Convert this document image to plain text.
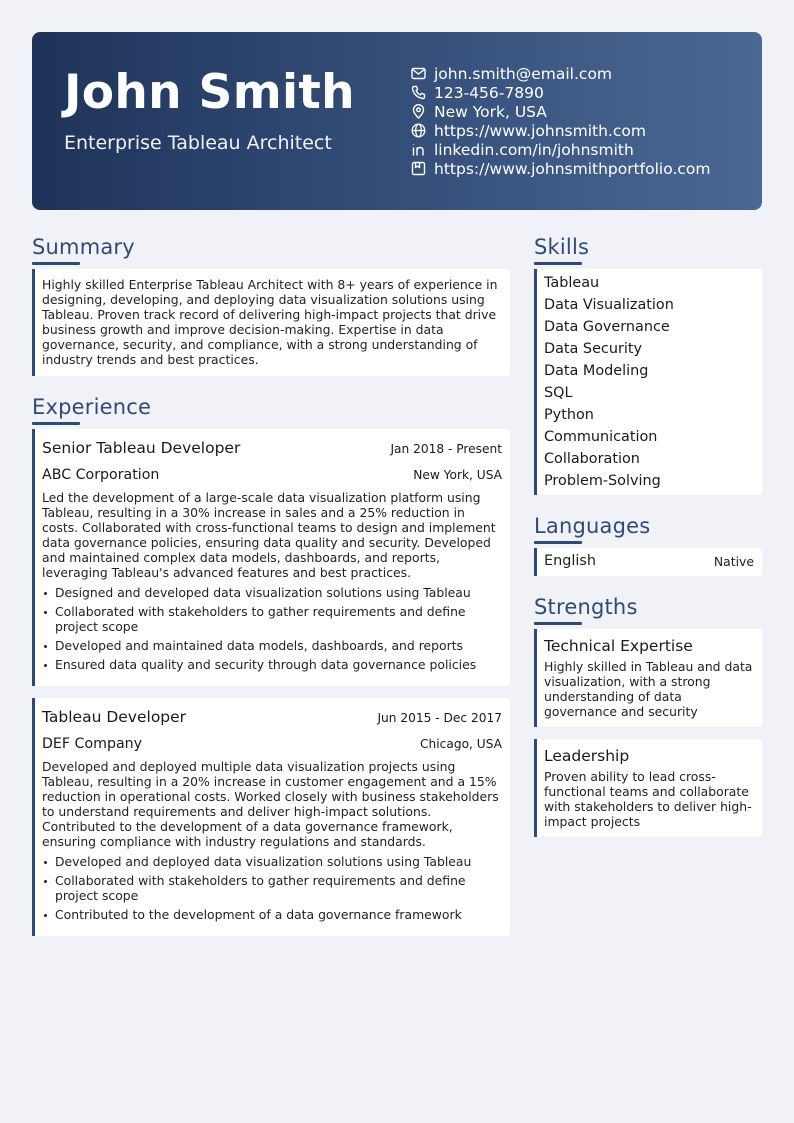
John Smith
Enterprise Tableau Architect
john.smith@email.com
123-456-7890
New York, USA
https://www.johnsmith.com
linkedin.com/in/johnsmith
https://www.johnsmithportfolio.com
Summary

Highly skilled Enterprise Tableau Architect with 8+ years of experience in designing, developing, and deploying data visualization solutions using Tableau. Proven track record of delivering high-impact projects that drive business growth and improve decision-making. Expertise in data governance, security, and compliance, with a strong understanding of industry trends and best practices.

Experience
Senior Tableau Developer	Jan 2018 - Present
ABC Corporation	New York, USA

Led the development of a large-scale data visualization platform using Tableau, resulting in a 30% increase in sales and a 25% reduction in costs. Collaborated with cross-functional teams to design and implement data governance policies, ensuring data quality and security. Developed and maintained complex data models, dashboards, and reports, leveraging Tableau's advanced features and best practices.

Designed and developed data visualization solutions using Tableau
Collaborated with stakeholders to gather requirements and define project scope
Developed and maintained data models, dashboards, and reports
Ensured data quality and security through data governance policies
Tableau Developer	Jun 2015 - Dec 2017
DEF Company	Chicago, USA

Developed and deployed multiple data visualization projects using Tableau, resulting in a 20% increase in customer engagement and a 15% reduction in operational costs. Worked closely with business stakeholders to understand requirements and deliver high-impact solutions. Contributed to the development of a data governance framework, ensuring compliance with industry regulations and standards.

Developed and deployed data visualization solutions using Tableau
Collaborated with stakeholders to gather requirements and define project scope
Contributed to the development of a data governance framework
Skills
Tableau
Data Visualization
Data Governance
Data Security
Data Modeling
SQL
Python
Communication
Collaboration
Problem-Solving
Languages
English	Native
Strengths
Technical Expertise

Highly skilled in Tableau and data visualization, with a strong understanding of data governance and security

Leadership

Proven ability to lead cross-functional teams and collaborate with stakeholders to deliver high-impact projects
